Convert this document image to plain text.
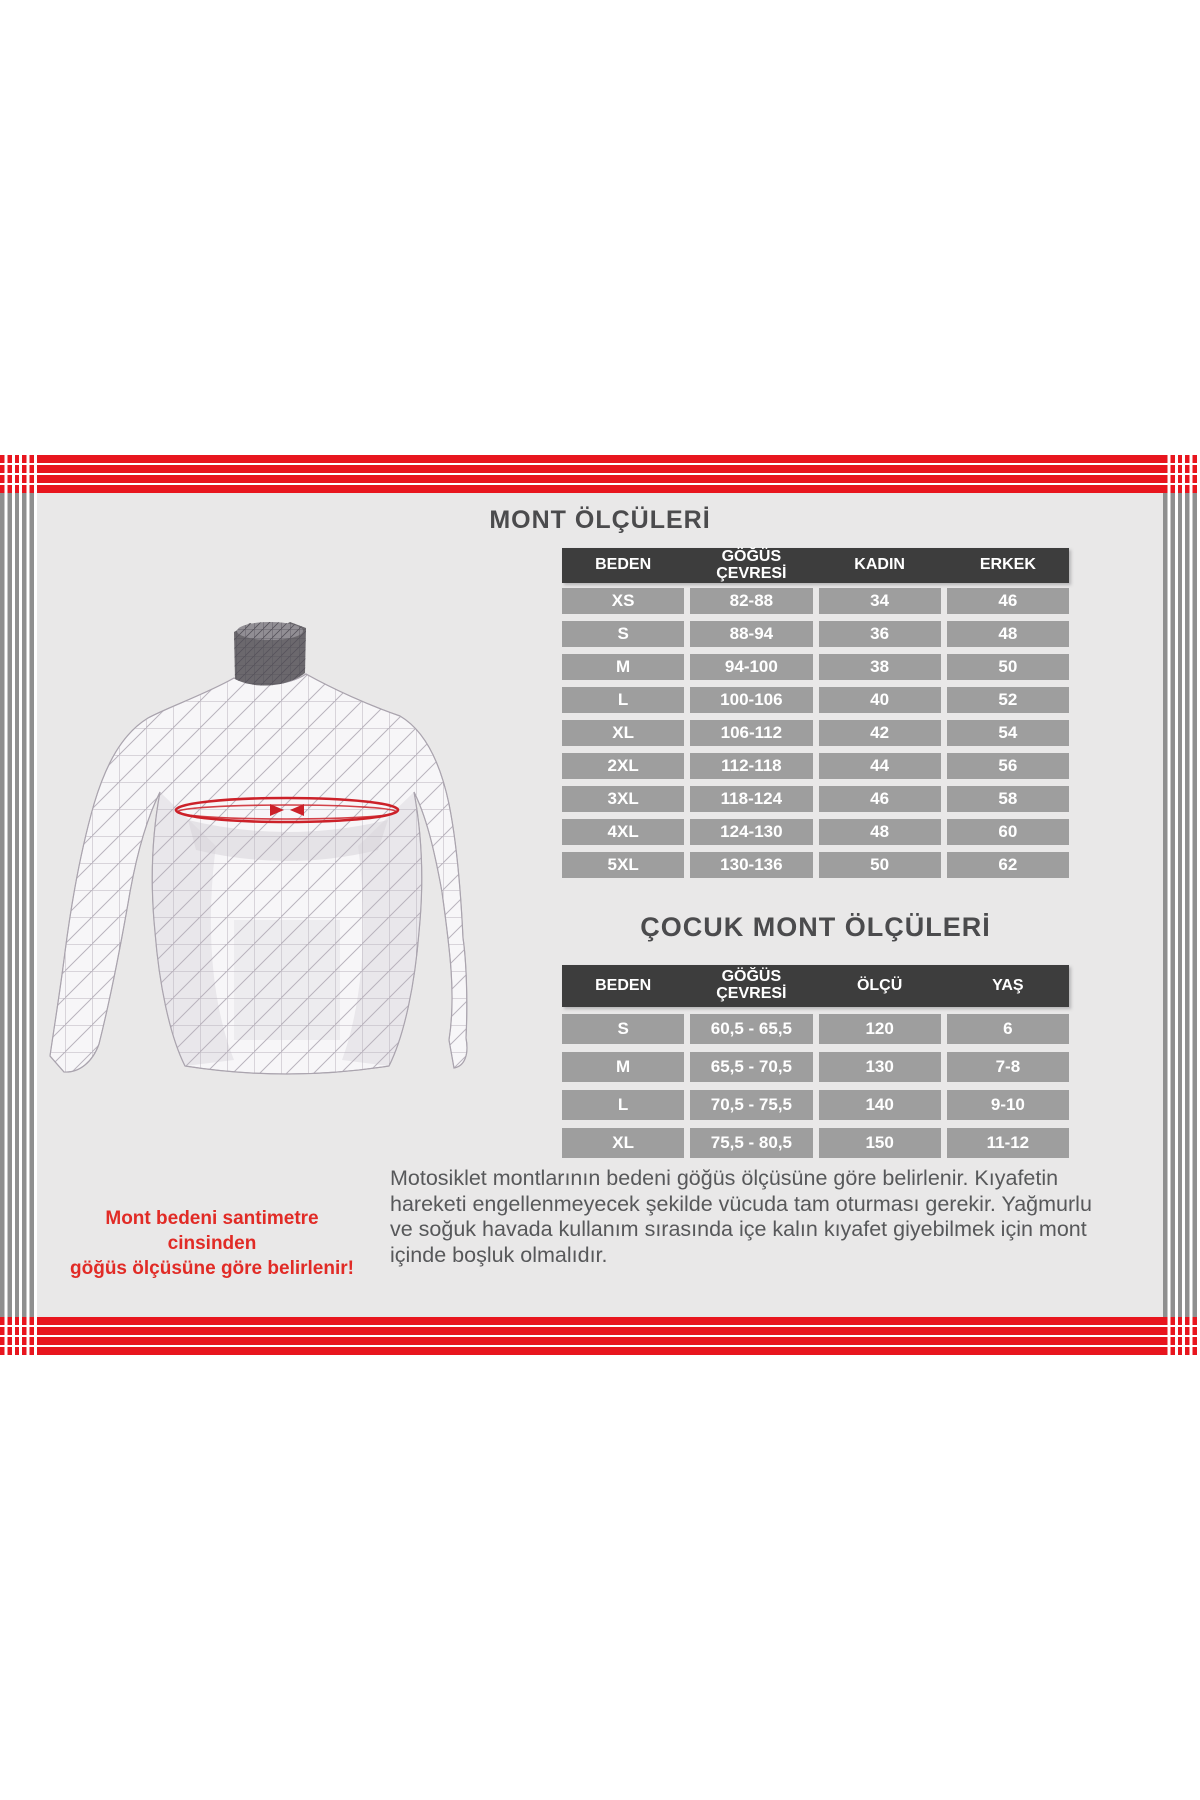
MONT ÖLÇÜLERİ
BEDEN	GÖĞÜS ÇEVRESİ	KADIN	ERKEK
XS	82-88	34	46
S	88-94	36	48
M	94-100	38	50
L	100-106	40	52
XL	106-112	42	54
2XL	112-118	44	56
3XL	118-124	46	58
4XL	124-130	48	60
5XL	130-136	50	62
ÇOCUK MONT ÖLÇÜLERİ
BEDEN	GÖĞÜS ÇEVRESİ	ÖLÇÜ	YAŞ
S	60,5 - 65,5	120	6
M	65,5 - 70,5	130	7-8
L	70,5 - 75,5	140	9-10
XL	75,5 - 80,5	150	11-12
Mont bedeni santimetre cinsinden
göğüs ölçüsüne göre belirlenir!
Motosiklet montlarının bedeni göğüs ölçüsüne göre belirlenir. Kıyafetin
hareketi engellenmeyecek şekilde vücuda tam oturması gerekir. Yağmurlu
ve soğuk havada kullanım sırasında içe kalın kıyafet giyebilmek için mont
içinde boşluk olmalıdır.
